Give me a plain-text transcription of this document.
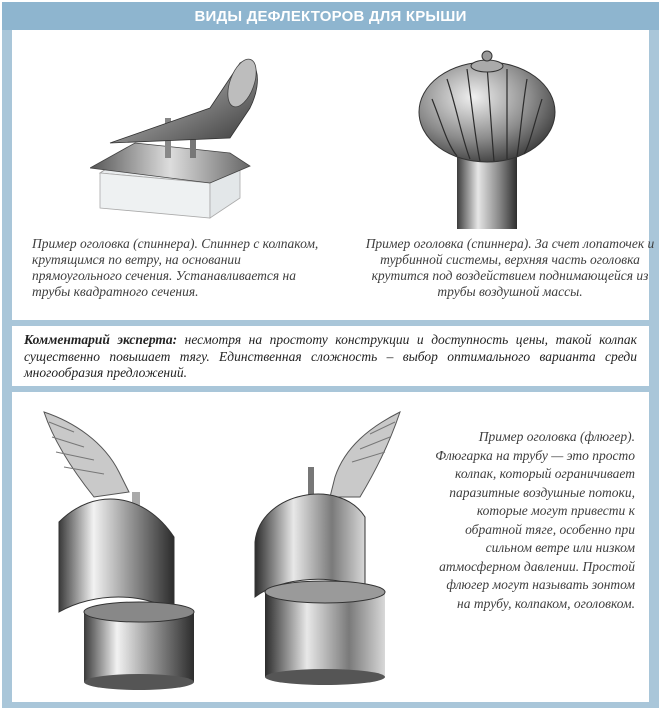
ВИДЫ ДЕФЛЕКТОРОВ ДЛЯ КРЫШИ
Пример оголовка (спиннера). Спиннер с колпаком, крутящимся по ветру, на основании прямоугольного сечения. Устанавливается на трубы квадратного сечения.
Пример оголовка (спиннера). За счет лопаточек и турбинной системы, верхняя часть оголовка крутится под воздействием поднимающейся из трубы воздушной массы.
Комментарий эксперта: несмотря на простоту конструкции и доступность цены, такой колпак существенно повышает тягу. Единственная сложность – выбор оптимального варианта среди многообразия предложений.
Пример оголовка (флюгер). Флюгарка на трубу — это просто колпак, который ограничивает паразитные воздушные потоки, которые могут привести к обратной тяге, особенно при сильном ветре или низком атмосферном давлении. Простой флюгер могут называть зонтом на трубу, колпаком, оголовком.
